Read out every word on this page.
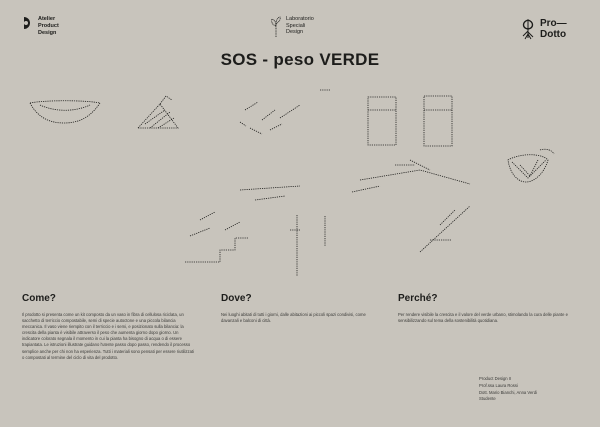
Atelier
Product
Design
Laboratorio
Speciali
Design
Pro—
Dotto
SOS - peso VERDE
Come?
Il prodotto si presenta come un kit composto da un vaso in fibra di cellulosa riciclata, un sacchetto di terriccio compostabile, semi di specie autoctone e una piccola bilancia meccanica. Il vaso viene riempito con il terriccio e i semi, e posizionato sulla bilancia: la crescita della pianta è visibile attraverso il peso che aumenta giorno dopo giorno. Un indicatore colorato segnala il momento in cui la pianta ha bisogno di acqua o di essere trapiantata. Le istruzioni illustrate guidano l'utente passo dopo passo, rendendo il processo semplice anche per chi non ha esperienza. Tutti i materiali sono pensati per essere riutilizzati o compostati al termine del ciclo di vita del prodotto.
Dove?
Nei luoghi abitati di tutti i giorni, dalle abitazioni ai piccoli spazi condivisi, come davanzali e balconi di città.
Perché?
Per rendere visibile la crescita e il valore del verde urbano, stimolando la cura delle piante e sensibilizzando sul tema della sostenibilità quotidiana.
Product Design II
Prof.ssa Laura Rossi
Dott. Mario Bianchi, Anna Verdi
Studente
